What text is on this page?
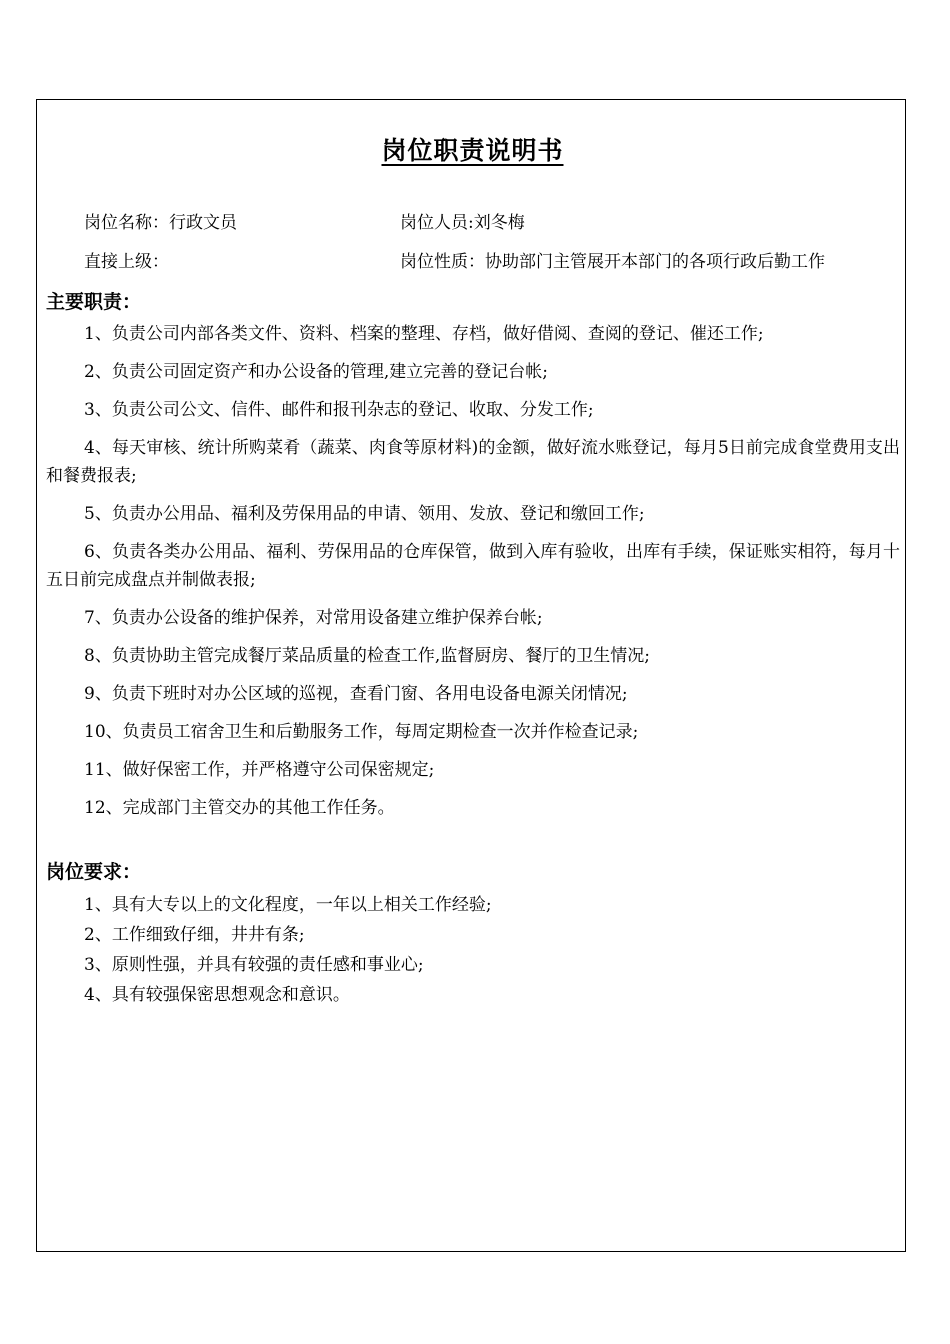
岗位职责说明书
岗位名称：行政文员	岗位人员:刘冬梅
直接上级：	岗位性质：协助部门主管展开本部门的各项行政后勤工作
主要职责：
1、负责公司内部各类文件、资料、档案的整理、存档，做好借阅、查阅的登记、催还工作;
2、负责公司固定资产和办公设备的管理,建立完善的登记台帐;
3、负责公司公文、信件、邮件和报刊杂志的登记、收取、分发工作;
4、每天审核、统计所购菜肴（蔬菜、肉食等原材料)的金额，做好流水账登记，每月5日前完成食堂费用支出和餐费报表;
5、负责办公用品、福利及劳保用品的申请、领用、发放、登记和缴回工作;
6、负责各类办公用品、福利、劳保用品的仓库保管，做到入库有验收，出库有手续，保证账实相符，每月十五日前完成盘点并制做表报;
7、负责办公设备的维护保养，对常用设备建立维护保养台帐;
8、负责协助主管完成餐厅菜品质量的检查工作,监督厨房、餐厅的卫生情况;
9、负责下班时对办公区域的巡视，查看门窗、各用电设备电源关闭情况;
10、负责员工宿舍卫生和后勤服务工作，每周定期检查一次并作检查记录;
11、做好保密工作，并严格遵守公司保密规定;
12、完成部门主管交办的其他工作任务。
岗位要求：
1、具有大专以上的文化程度，一年以上相关工作经验;
2、工作细致仔细，井井有条;
3、原则性强，并具有较强的责任感和事业心;
4、具有较强保密思想观念和意识。
